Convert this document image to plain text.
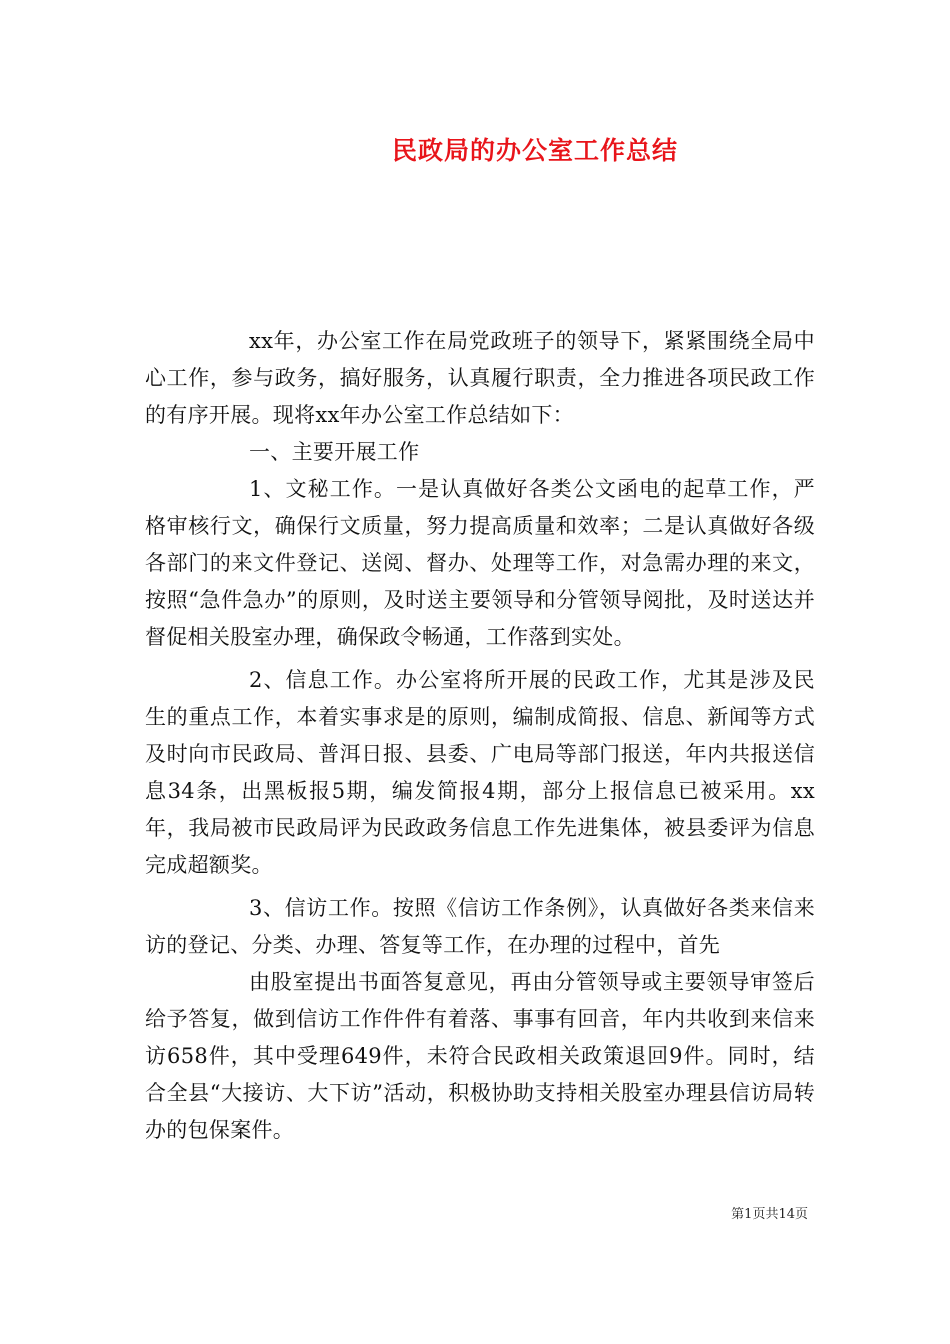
民政局的办公室工作总结

xx年，办公室工作在局党政班子的领导下，紧紧围绕全局中心工作，参与政务，搞好服务，认真履行职责，全力推进各项民政工作的有序开展。现将xx年办公室工作总结如下：

一、主要开展工作

1、文秘工作。一是认真做好各类公文函电的起草工作，严格审核行文，确保行文质量，努力提高质量和效率；二是认真做好各级各部门的来文件登记、送阅、督办、处理等工作，对急需办理的来文，按照“急件急办”的原则，及时送主要领导和分管领导阅批，及时送达并督促相关股室办理，确保政令畅通，工作落到实处。

2、信息工作。办公室将所开展的民政工作，尤其是涉及民生的重点工作，本着实事求是的原则，编制成简报、信息、新闻等方式及时向市民政局、普洱日报、县委、广电局等部门报送，年内共报送信息34条，出黑板报5期，编发简报4期，部分上报信息已被采用。xx年，我局被市民政局评为民政政务信息工作先进集体，被县委评为信息完成超额奖。

3、信访工作。按照《信访工作条例》，认真做好各类来信来访的登记、分类、办理、答复等工作，在办理的过程中，首先

由股室提出书面答复意见，再由分管领导或主要领导审签后给予答复，做到信访工作件件有着落、事事有回音，年内共收到来信来访658件，其中受理649件，未符合民政相关政策退回9件。同时，结合全县“大接访、大下访”活动，积极协助支持相关股室办理县信访局转办的包保案件。

第1页共14页
